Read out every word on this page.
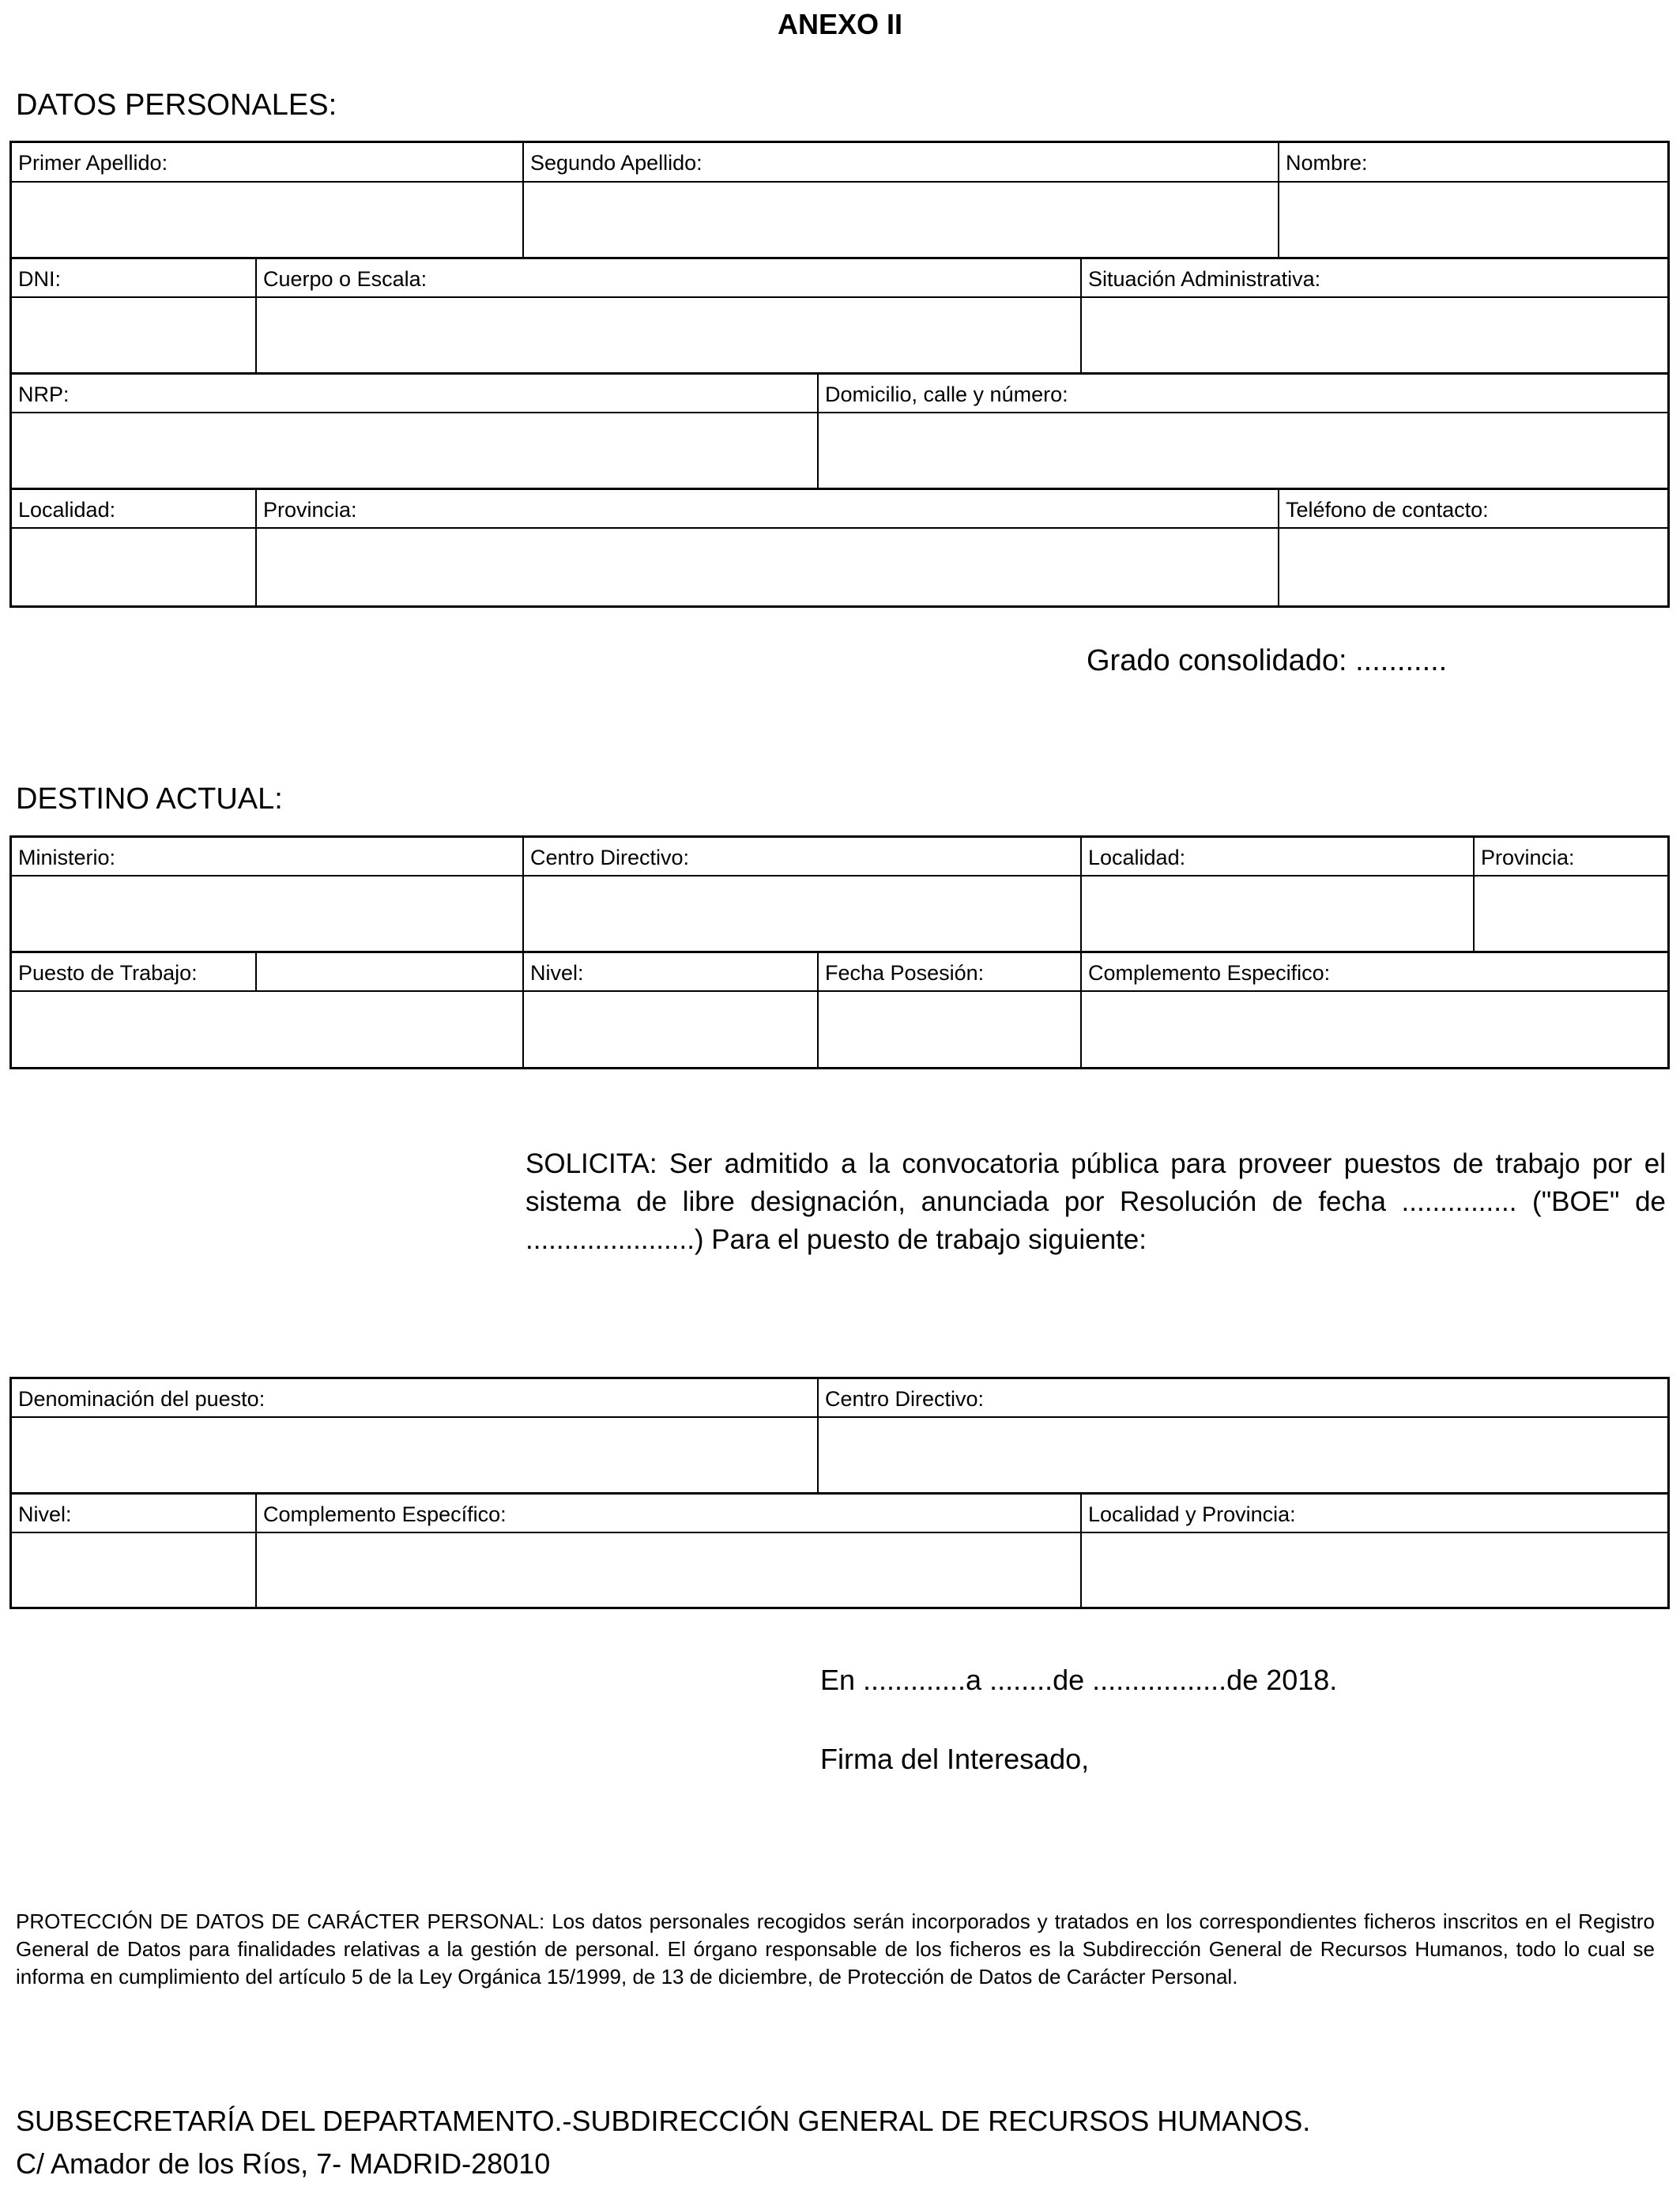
ANEXO II
DATOS PERSONALES:
Primer Apellido:	Segundo Apellido:	Nombre:
DNI:	Cuerpo o Escala:	Situación Administrativa:
NRP:	Domicilio, calle y número:
Localidad:	Provincia:	Teléfono de contacto:
Grado consolidado: ...........
DESTINO ACTUAL:
Ministerio:	Centro Directivo:	Localidad:	Provincia:
Puesto de Trabajo:	Nivel:	Fecha Posesión:	Complemento Especifico:
SOLICITA: Ser admitido a la convocatoria pública para proveer puestos de trabajo por el sistema de libre designación, anunciada por Resolución de fecha ............... ("BOE" de ......................) Para el puesto de trabajo siguiente:
Denominación del puesto:	Centro Directivo:
Nivel:	Complemento Específico:	Localidad y Provincia:
En .............a ........de .................de 2018.
Firma del Interesado,
PROTECCIÓN DE DATOS DE CARÁCTER PERSONAL: Los datos personales recogidos serán incorporados y tratados en los correspondientes ficheros inscritos en el Registro General de Datos para finalidades relativas a la gestión de personal. El órgano responsable de los ficheros es la Subdirección General de Recursos Humanos, todo lo cual se informa en cumplimiento del artículo 5 de la Ley Orgánica 15/1999, de 13 de diciembre, de Protección de Datos de Carácter Personal.
SUBSECRETARÍA DEL DEPARTAMENTO.-SUBDIRECCIÓN GENERAL DE RECURSOS HUMANOS.
C/ Amador de los Ríos, 7- MADRID-28010
